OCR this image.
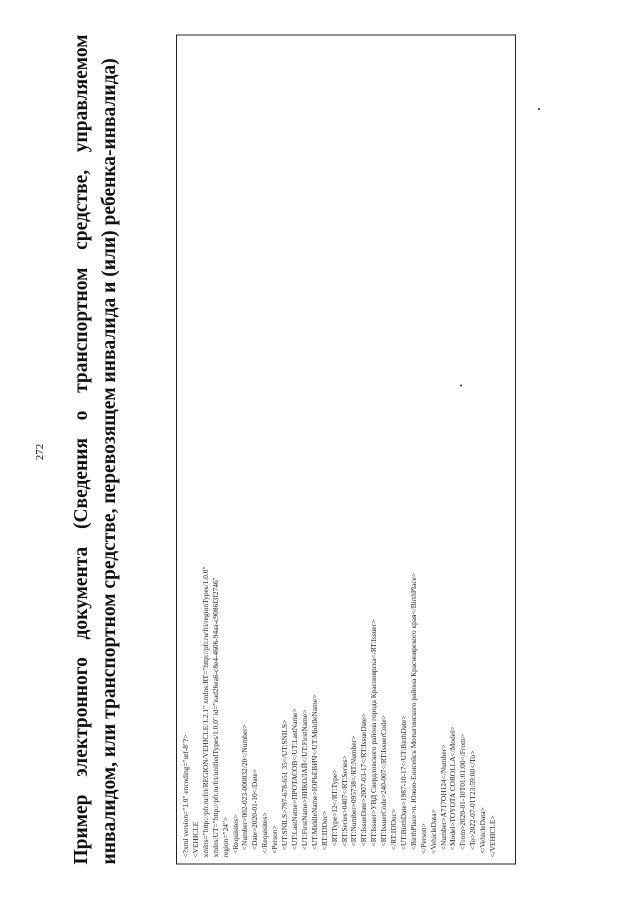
272 Пример электронного документа (Сведения о транспортном средстве, управляемом инвалидом, или транспортном средстве, перевозящем инвалида и (или) ребенка-инвалида)	<?xml version="1.0" encoding="utf-8"?> <VEHICLE xmlns="http://pfr.ru/fri/REGION/VEHICLE/1.2.1" xmlns:RT="http://pfr.ru/fri/regionTypes/1.0.0" xmlns:UT="http://pfr.ru/fri/unifiedTypes/1.0.0" id="ead26ea6-c8e4-4606-94aa-c9086f3f2746" region="24"> <Requisites> <Number>002-023-000032/20</Number> <Date>2020-01-10</Date> </Requisites> <Person> <UT:SNILS>797-678-651 35</UT:SNILS> <UT:LastName>ПРОТАСОВ</UT:LastName> <UT:FirstName>НИКОЛАЙ</UT:FirstName> <UT:MiddleName>ЮРЬЕВИЧ</UT:MiddleName> <RT:IDDoc> <RT:Type>12</RT:Type> <RT:Series>0407</RT:Series> <RT:Number>095738</RT:Number> <RT:IssueDate>2007-03-17</RT:IssueDate> <RT:Issuer>УВД Свердловского района города Красноярска</RT:Issuer> <RT:IssuerCode>240-007</RT:IssuerCode> </RT:IDDoc> <UT:BirthDate>1987-10-17</UT:BirthDate> <BirthPlace>п. Южно-Енисейск Мотыгинского района Красноярского края</BirthPlace> </Person> <VehicleData> <Number>А717ОН124</Number> <Model>TOYOTA COROLLA</Model> <From>2020-01-10T01:01:00</From> <To>2022-07-01T23:59:00</To> </VehicleData> </VEHICLE>
